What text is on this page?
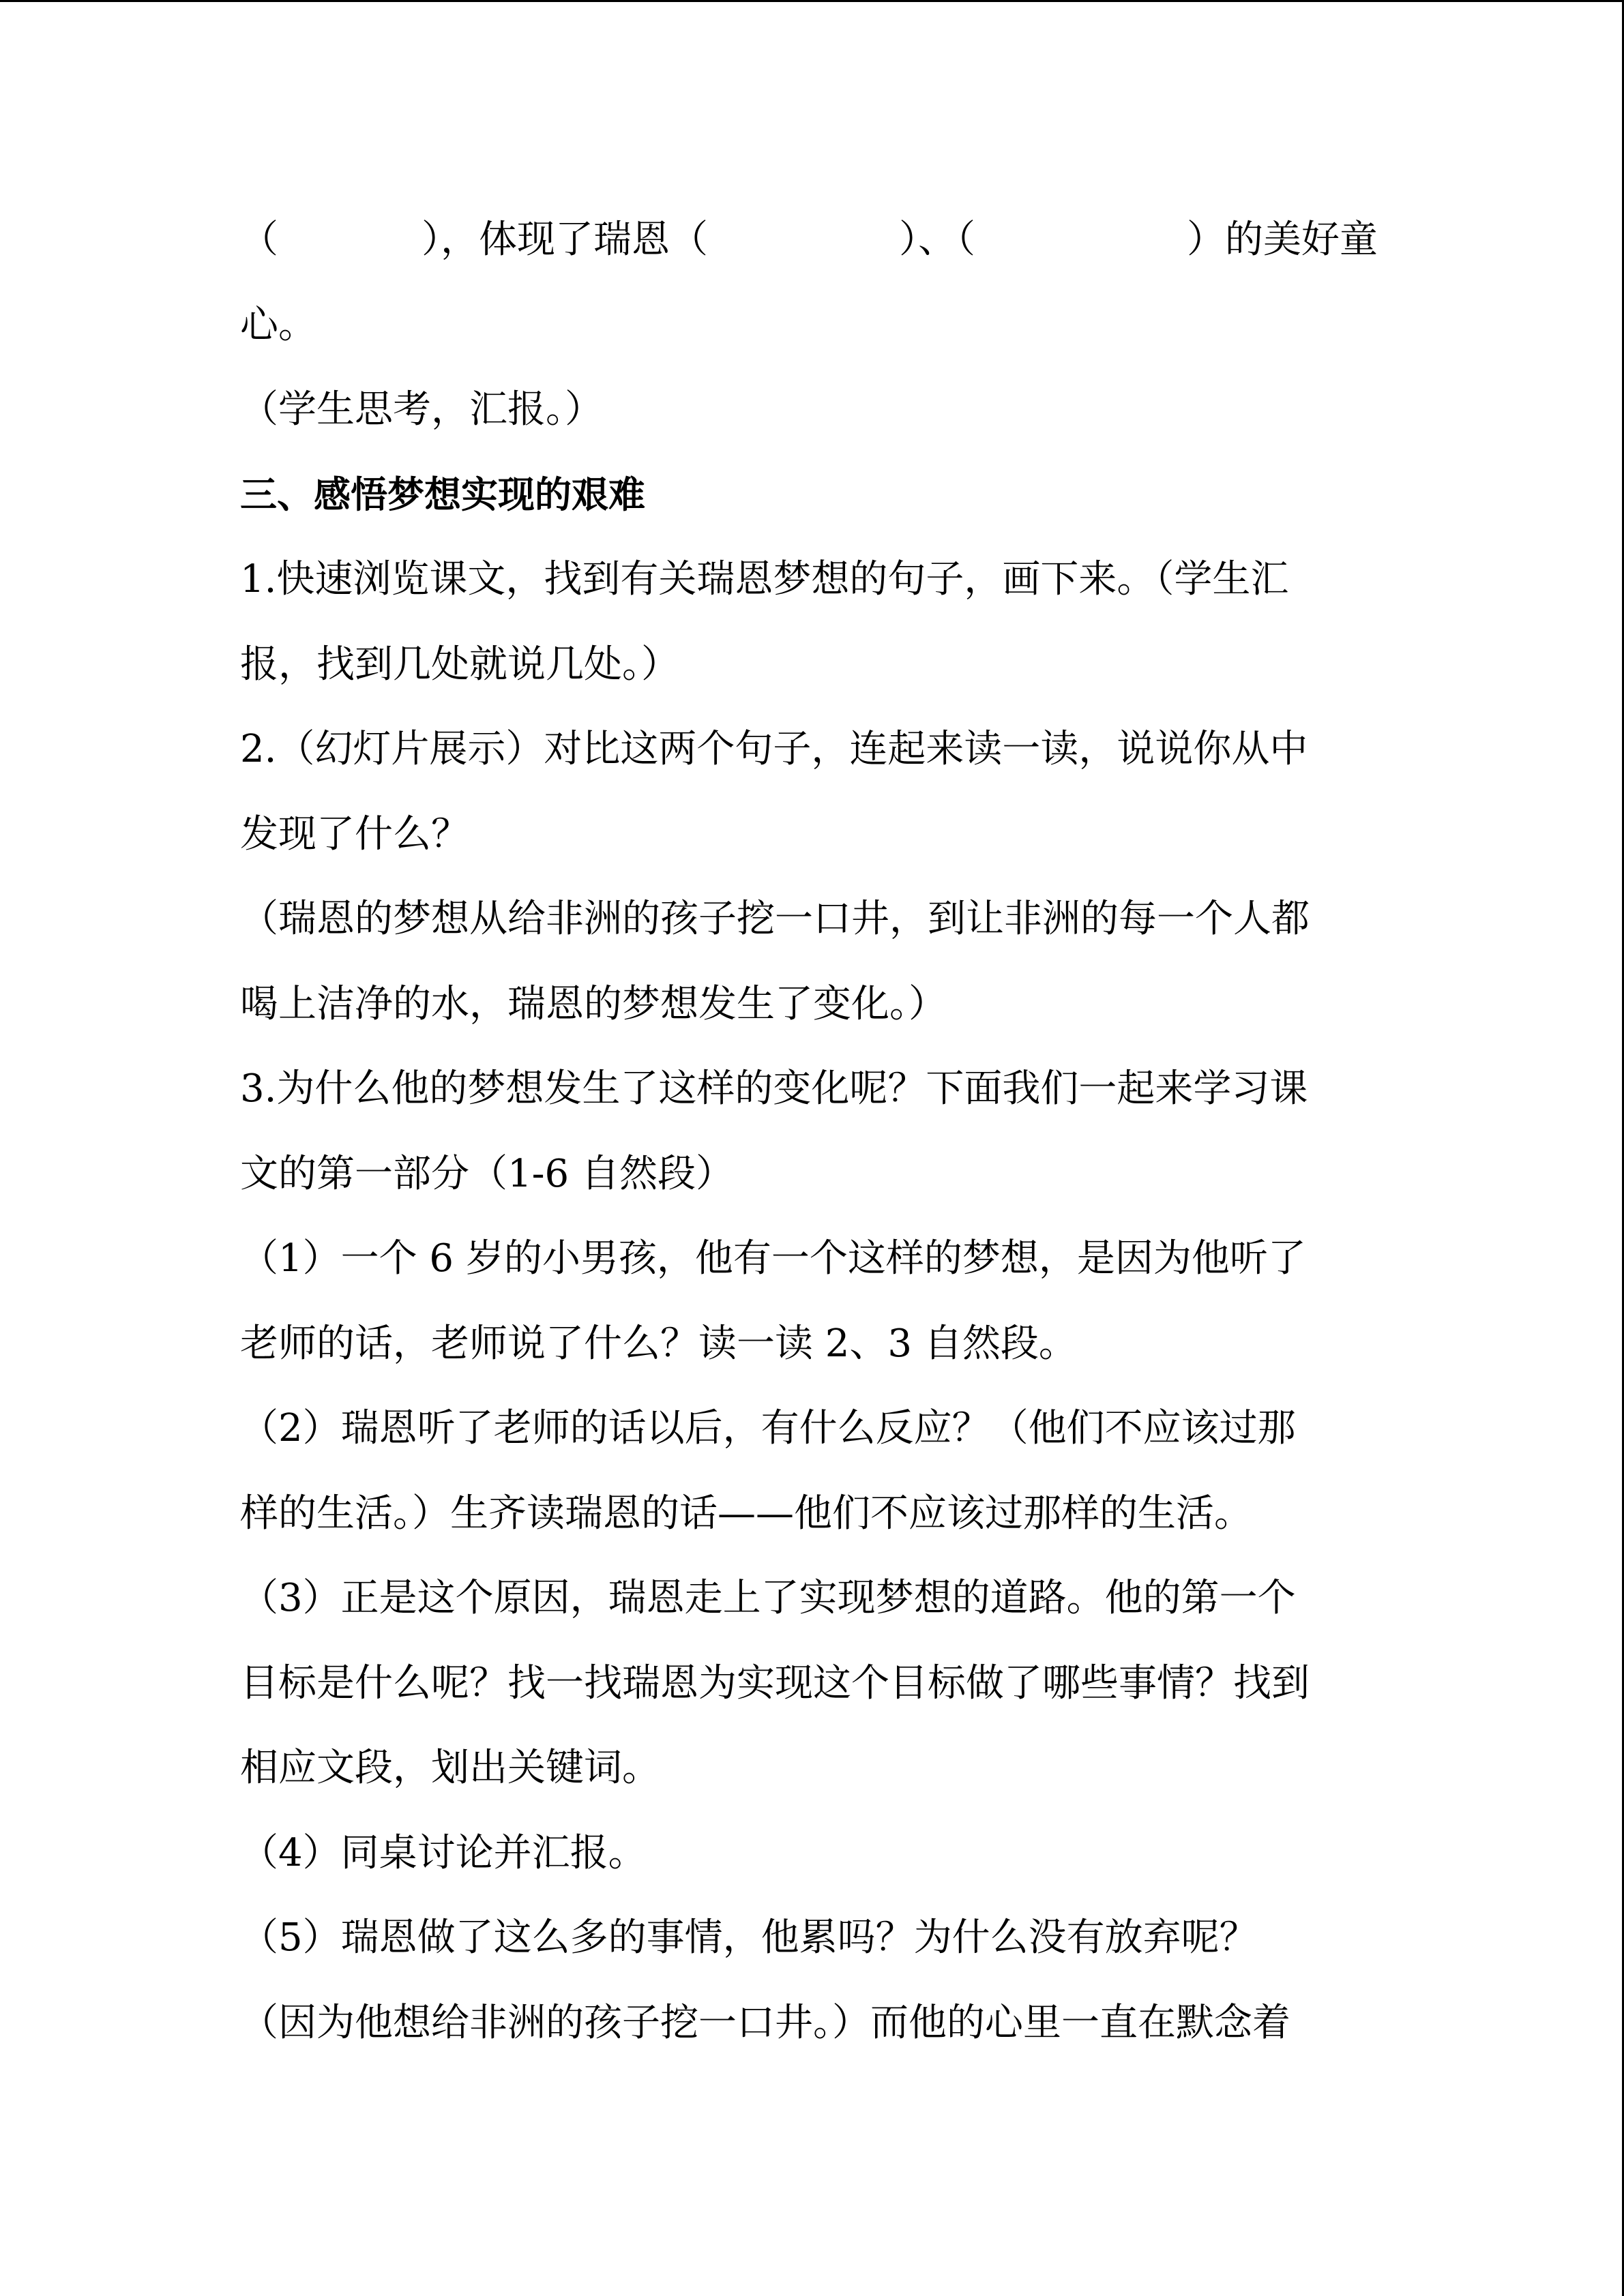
（	），体现了瑞恩（	）、（	）的美好童
心。
（学生思考，汇报。）
三、感悟梦想实现的艰难
1.快速浏览课文，找到有关瑞恩梦想的句子，画下来。（学生汇
报，找到几处就说几处。）
2.（幻灯片展示）对比这两个句子，连起来读一读，说说你从中
发现了什么？
（瑞恩的梦想从给非洲的孩子挖一口井，到让非洲的每一个人都
喝上洁净的水，瑞恩的梦想发生了变化。）
3.为什么他的梦想发生了这样的变化呢？下面我们一起来学习课
文的第一部分（1-6 自然段）
（1）一个 6 岁的小男孩，他有一个这样的梦想，是因为他听了
老师的话，老师说了什么？读一读 2、3 自然段。
（2）瑞恩听了老师的话以后，有什么反应？（他们不应该过那
样的生活。）生齐读瑞恩的话——他们不应该过那样的生活。
（3）正是这个原因，瑞恩走上了实现梦想的道路。他的第一个
目标是什么呢？找一找瑞恩为实现这个目标做了哪些事情？找到
相应文段，划出关键词。
（4）同桌讨论并汇报。
（5）瑞恩做了这么多的事情，他累吗？为什么没有放弃呢？
（因为他想给非洲的孩子挖一口井。）而他的心里一直在默念着
